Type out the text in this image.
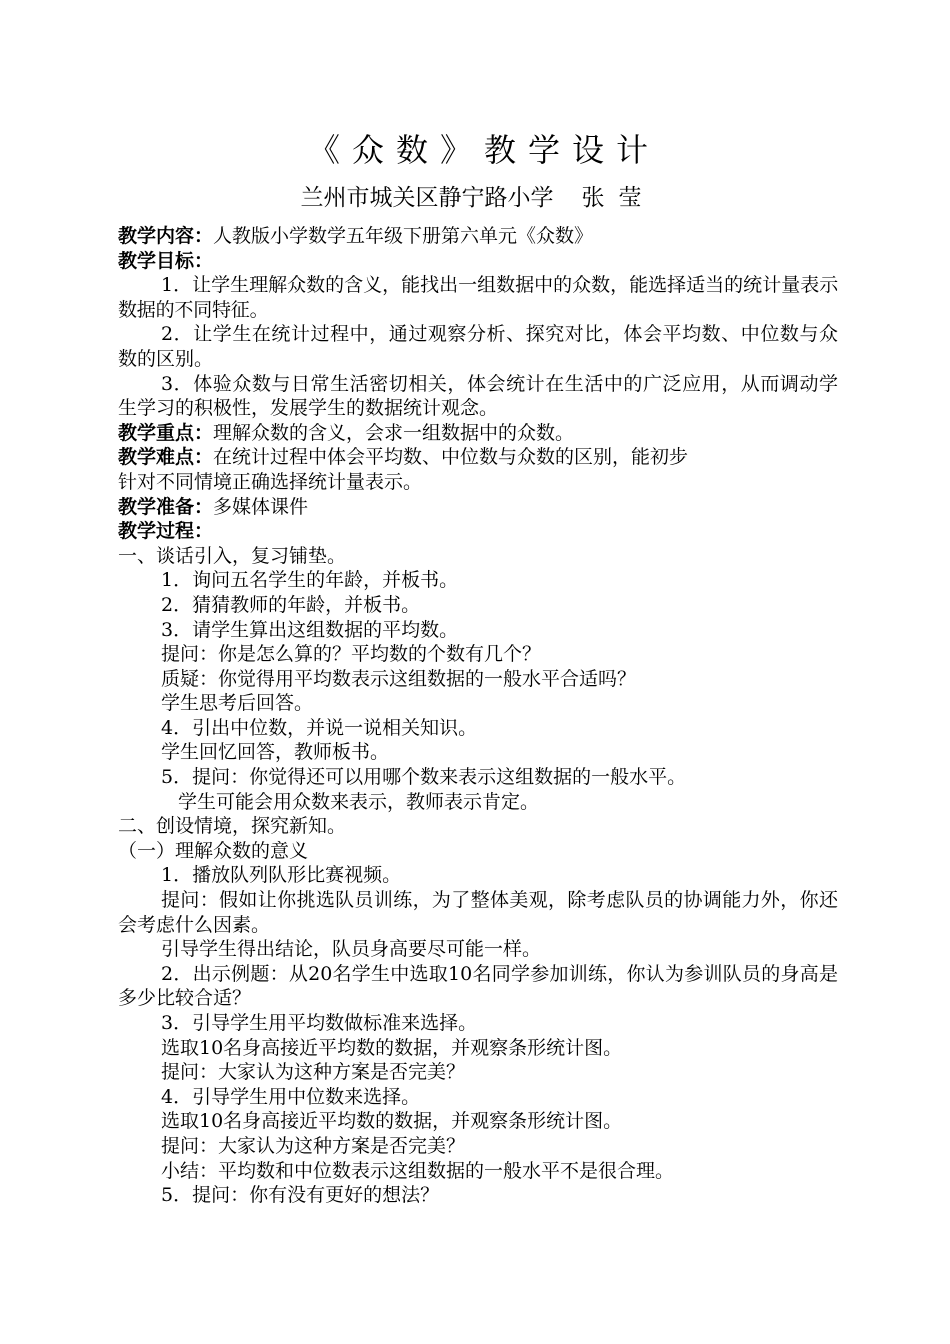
《众数》教学设计
兰州市城关区静宁路小学 张莹
教学内容：人教版小学数学五年级下册第六单元《众数》
教学目标：
1．让学生理解众数的含义，能找出一组数据中的众数，能选择适当的统计量表示数据的不同特征。
2．让学生在统计过程中，通过观察分析、探究对比，体会平均数、中位数与众数的区别。
3．体验众数与日常生活密切相关，体会统计在生活中的广泛应用，从而调动学生学习的积极性，发展学生的数据统计观念。
教学重点：理解众数的含义，会求一组数据中的众数。
教学难点：在统计过程中体会平均数、中位数与众数的区别，能初步
针对不同情境正确选择统计量表示。
教学准备：多媒体课件
教学过程：
一、谈话引入，复习铺垫。
1．询问五名学生的年龄，并板书。
2．猜猜教师的年龄，并板书。
3．请学生算出这组数据的平均数。
提问：你是怎么算的？平均数的个数有几个？
质疑：你觉得用平均数表示这组数据的一般水平合适吗？
学生思考后回答。
4．引出中位数，并说一说相关知识。
学生回忆回答，教师板书。
5．提问：你觉得还可以用哪个数来表示这组数据的一般水平。
学生可能会用众数来表示，教师表示肯定。
二、创设情境，探究新知。
（一）理解众数的意义
1．播放队列队形比赛视频。
提问：假如让你挑选队员训练，为了整体美观，除考虑队员的协调能力外，你还会考虑什么因素。
引导学生得出结论，队员身高要尽可能一样。
2．出示例题：从20名学生中选取10名同学参加训练，你认为参训队员的身高是多少比较合适？
3．引导学生用平均数做标准来选择。
选取10名身高接近平均数的数据，并观察条形统计图。
提问：大家认为这种方案是否完美？
4．引导学生用中位数来选择。
选取10名身高接近平均数的数据，并观察条形统计图。
提问：大家认为这种方案是否完美？
小结：平均数和中位数表示这组数据的一般水平不是很合理。
5．提问：你有没有更好的想法？
